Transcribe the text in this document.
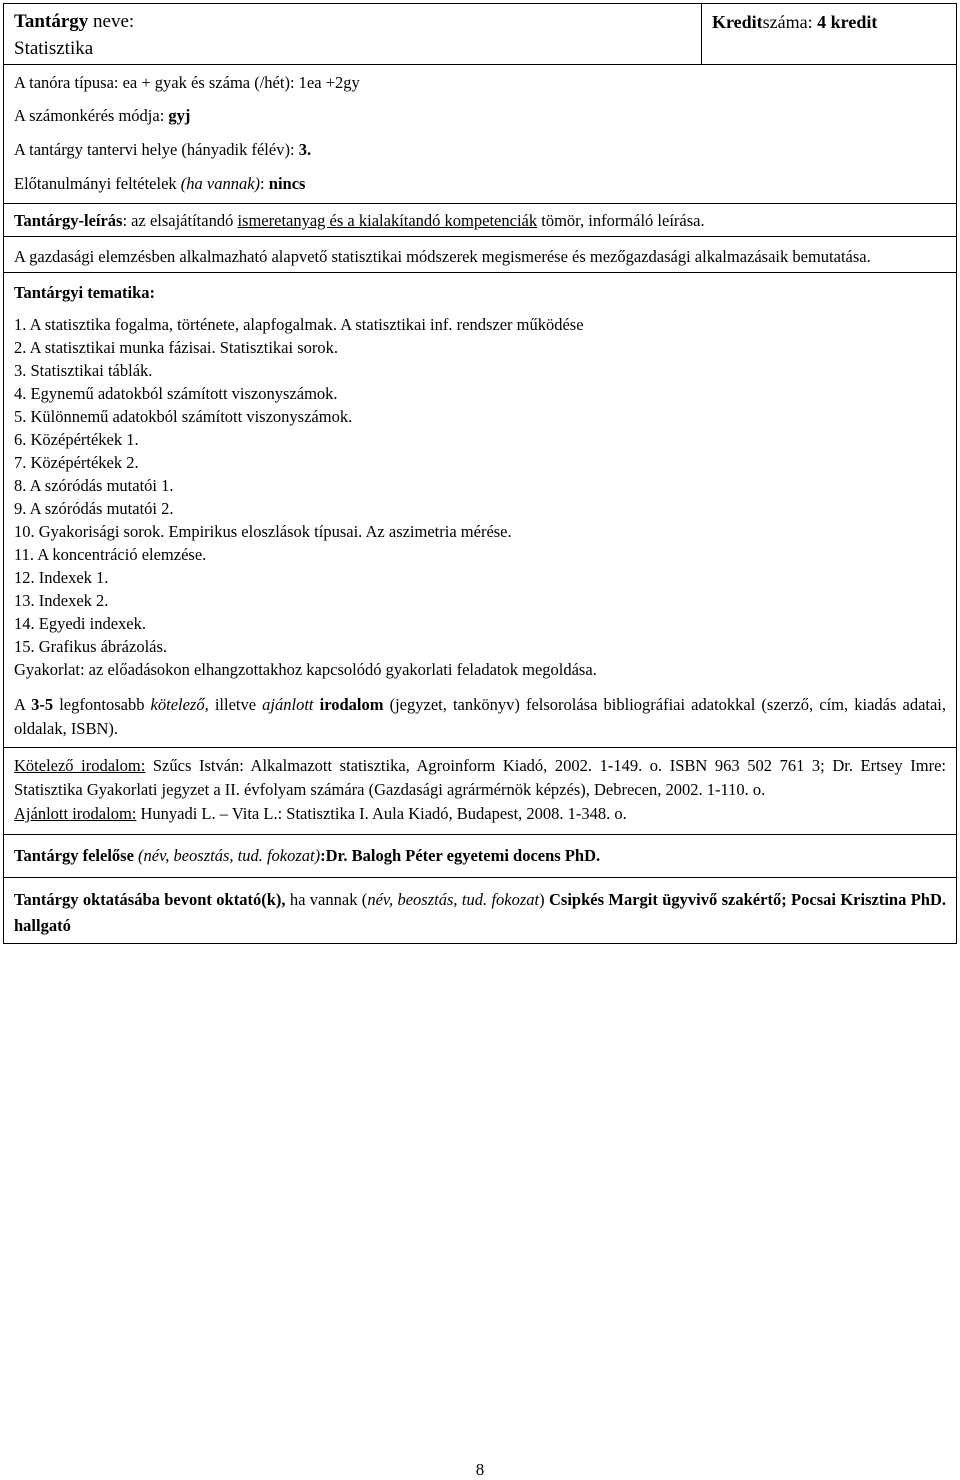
Tantárgy neve:
Statisztika
Kreditszáma: 4 kredit
A tanóra típusa: ea + gyak és száma (/hét): 1ea +2gy
A számonkérés módja: gyj
A tantárgy tantervi helye (hányadik félév): 3.
Előtanulmányi feltételek (ha vannak): nincs
Tantárgy-leírás: az elsajátítandó ismeretanyag és a kialakítandó kompetenciák tömör, informáló leírása.
A gazdasági elemzésben alkalmazható alapvető statisztikai módszerek megismerése és mezőgazdasági alkalmazásaik bemutatása.
Tantárgyi tematika:
1. A statisztika fogalma, története, alapfogalmak. A statisztikai inf. rendszer működése
2. A statisztikai munka fázisai. Statisztikai sorok.
3. Statisztikai táblák.
4. Egynemű adatokból számított viszonyszámok.
5. Különnemű adatokból számított viszonyszámok.
6. Középértékek 1.
7. Középértékek 2.
8. A szóródás mutatói 1.
9. A szóródás mutatói 2.
10. Gyakorisági sorok. Empirikus eloszlások típusai. Az aszimetria mérése.
11. A koncentráció elemzése.
12. Indexek 1.
13. Indexek 2.
14. Egyedi indexek.
15. Grafikus ábrázolás.
Gyakorlat: az előadásokon elhangzottakhoz kapcsolódó gyakorlati feladatok megoldása.
A 3-5 legfontosabb kötelező, illetve ajánlott irodalom (jegyzet, tankönyv) felsorolása bibliográfiai adatokkal (szerző, cím, kiadás adatai, oldalak, ISBN).
Kötelező irodalom: Szűcs István: Alkalmazott statisztika, Agroinform Kiadó, 2002. 1-149. o. ISBN 963 502 761 3; Dr. Ertsey Imre: Statisztika Gyakorlati jegyzet a II. évfolyam számára (Gazdasági agrármérnök képzés), Debrecen, 2002. 1-110. o.
Ajánlott irodalom: Hunyadi L. – Vita L.: Statisztika I. Aula Kiadó, Budapest, 2008. 1-348. o.
Tantárgy felelőse (név, beosztás, tud. fokozat):Dr. Balogh Péter egyetemi docens PhD.
Tantárgy oktatásába bevont oktató(k), ha vannak (név, beosztás, tud. fokozat) Csipkés Margit ügyvivő szakértő; Pocsai Krisztina PhD. hallgató
8
